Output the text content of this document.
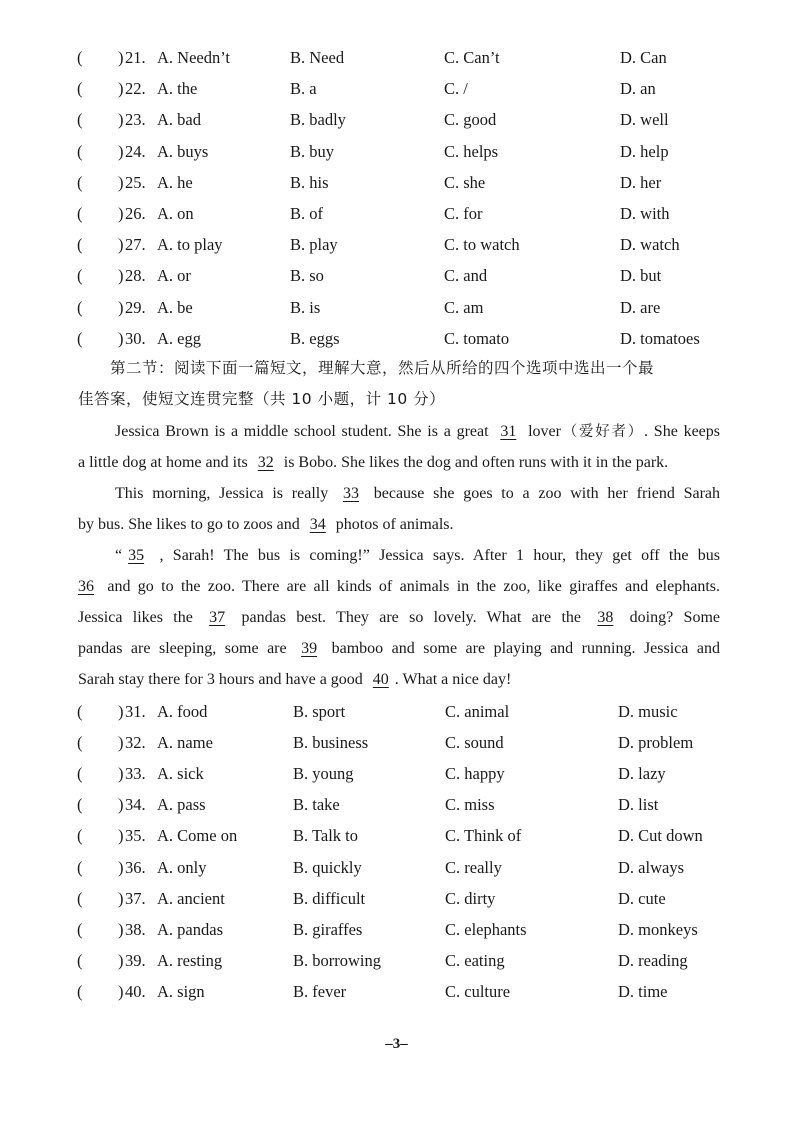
( ) 21. A. Needn’t	B. Need	C. Can’t	D. Can
( ) 22. A. the	B. a	C. /	D. an
( ) 23. A. bad	B. badly	C. good	D. well
( ) 24. A. buys	B. buy	C. helps	D. help
( ) 25. A. he	B. his	C. she	D. her
( ) 26. A. on	B. of	C. for	D. with
( ) 27. A. to play	B. play	C. to watch	D. watch
( ) 28. A. or	B. so	C. and	D. but
( ) 29. A. be	B. is	C. am	D. are
( ) 30. A. egg	B. eggs	C. tomato	D. tomatoes
第二节：阅读下面一篇短文，理解大意，然后从所给的四个选项中选出一个最
佳答案，使短文连贯完整（共 10 小题，计 10 分）
Jessica Brown is a middle school student. She is a great 31 lover（爱好者）. She keeps
a little dog at home and its 32 is Bobo. She likes the dog and often runs with it in the park.
This morning, Jessica is really 33 because she goes to a zoo with her friend Sarah
by bus. She likes to go to zoos and 34 photos of animals.
“ 35 , Sarah! The bus is coming!” Jessica says. After 1 hour, they get off the bus
36 and go to the zoo. There are all kinds of animals in the zoo, like giraffes and elephants.
Jessica likes the 37 pandas best. They are so lovely. What are the 38 doing? Some
pandas are sleeping, some are 39 bamboo and some are playing and running. Jessica and
Sarah stay there for 3 hours and have a good 40 . What a nice day!
( ) 31. A. food	B. sport	C. animal	D. music
( ) 32. A. name	B. business	C. sound	D. problem
( ) 33. A. sick	B. young	C. happy	D. lazy
( ) 34. A. pass	B. take	C. miss	D. list
( ) 35. A. Come on	B. Talk to	C. Think of	D. Cut down
( ) 36. A. only	B. quickly	C. really	D. always
( ) 37. A. ancient	B. difficult	C. dirty	D. cute
( ) 38. A. pandas	B. giraffes	C. elephants	D. monkeys
( ) 39. A. resting	B. borrowing	C. eating	D. reading
( ) 40. A. sign	B. fever	C. culture	D. time
–3–
